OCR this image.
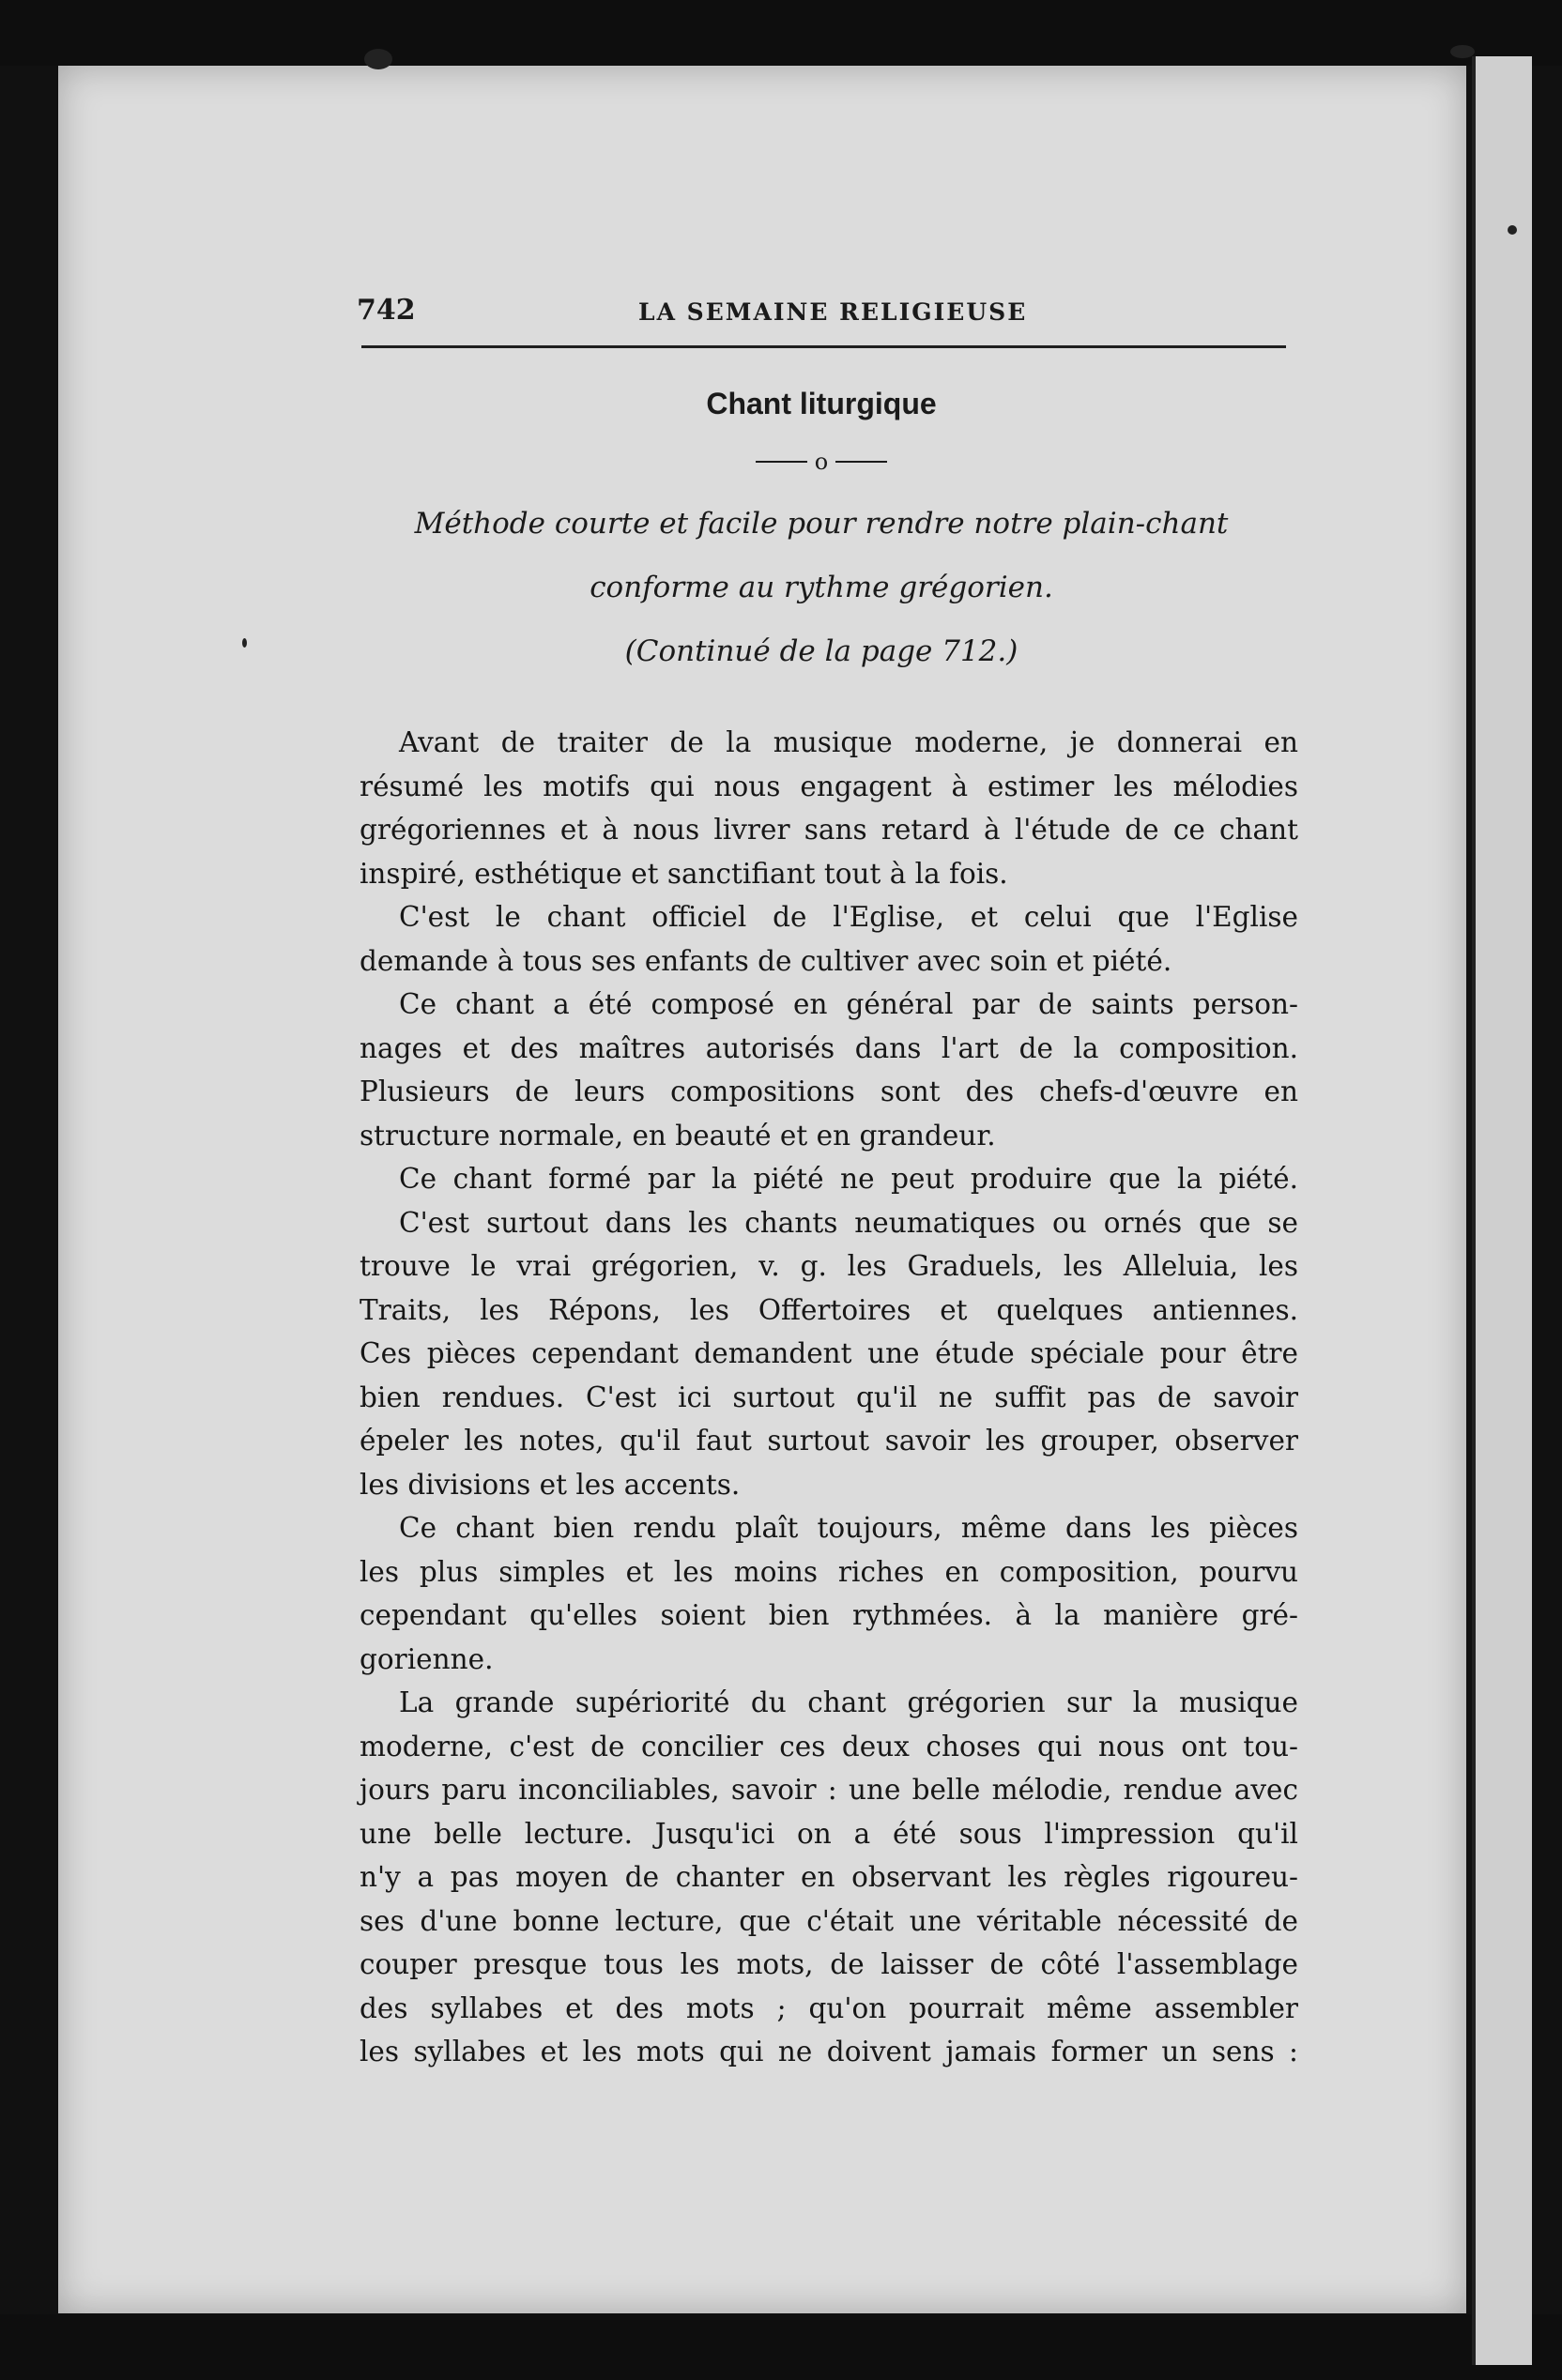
742	LA SEMAINE RELIGIEUSE
Chant liturgique
o
Méthode courte et facile pour rendre notre plain-chant
conforme au rythme grégorien.
(Continué de la page 712.)
Avant de traiter de la musique moderne, je donnerai en
résumé les motifs qui nous engagent à estimer les mélodies
grégoriennes et à nous livrer sans retard à l'étude de ce chant
inspiré, esthétique et sanctifiant tout à la fois.
C'est le chant officiel de l'Eglise, et celui que l'Eglise
demande à tous ses enfants de cultiver avec soin et piété.
Ce chant a été composé en général par de saints person-
nages et des maîtres autorisés dans l'art de la composition.
Plusieurs de leurs compositions sont des chefs-d'œuvre en
structure normale, en beauté et en grandeur.
Ce chant formé par la piété ne peut produire que la piété.
C'est surtout dans les chants neumatiques ou ornés que se
trouve le vrai grégorien, v. g. les Graduels, les Alleluia, les
Traits, les Répons, les Offertoires et quelques antiennes.
Ces pièces cependant demandent une étude spéciale pour être
bien rendues. C'est ici surtout qu'il ne suffit pas de savoir
épeler les notes, qu'il faut surtout savoir les grouper, observer
les divisions et les accents.
Ce chant bien rendu plaît toujours, même dans les pièces
les plus simples et les moins riches en composition, pourvu
cependant qu'elles soient bien rythmées. à la manière gré-
gorienne.
La grande supériorité du chant grégorien sur la musique
moderne, c'est de concilier ces deux choses qui nous ont tou-
jours paru inconciliables, savoir : une belle mélodie, rendue avec
une belle lecture. Jusqu'ici on a été sous l'impression qu'il
n'y a pas moyen de chanter en observant les règles rigoureu-
ses d'une bonne lecture, que c'était une véritable nécessité de
couper presque tous les mots, de laisser de côté l'assemblage
des syllabes et des mots ; qu'on pourrait même assembler
les syllabes et les mots qui ne doivent jamais former un sens :
